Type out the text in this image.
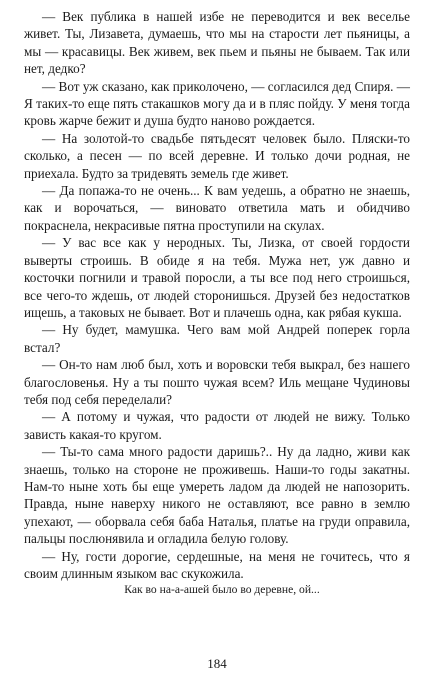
— Век публика в нашей избе не переводится и век веселье живет. Ты, Лизавета, думаешь, что мы на старости лет пьяницы, а мы — красавицы. Век живем, век пьем и пьяны не бываем. Так или нет, дедко?

— Вот уж сказано, как приколочено, — согласился дед Спиря. — Я таких-то еще пять стакашков могу да и в пляс пойду. У меня тогда кровь жарче бежит и душа будто наново рождается.

— На золотой-то свадьбе пятьдесят человек было. Пляски-то сколько, а песен — по всей деревне. И только дочи родная, не приехала. Будто за тридевять земель где живет.

— Да попажа-то не очень... К вам уедешь, а обратно не знаешь, как и ворочаться, — виновато ответила мать и обидчиво покраснела, некрасивые пятна проступили на скулах.

— У вас все как у неродных. Ты, Лизка, от своей гордости выверты строишь. В обиде я на тебя. Мужа нет, уж давно и косточки погнили и травой поросли, а ты все под него строишься, все чего-то ждешь, от людей сторонишься. Друзей без недостатков ищешь, а таковых не бывает. Вот и плачешь одна, как рябая кукша.

— Ну будет, мамушка. Чего вам мой Андрей поперек горла встал?

— Он-то нам люб был, хоть и воровски тебя выкрал, без нашего благословенья. Ну а ты пошто чужая всем? Иль мещане Чудиновы тебя под себя переделали?

— А потому и чужая, что радости от людей не вижу. Только зависть какая-то кругом.

— Ты-то сама много радости даришь?.. Ну да ладно, живи как знаешь, только на стороне не проживешь. Наши-то годы закатны. Нам-то ныне хоть бы еще умереть ладом да людей не напозорить. Правда, ныне наверху никого не оставляют, все равно в землю упехают, — оборвала себя баба Наталья, платье на груди оправила, пальцы послюнявила и огладила белую голову.

— Ну, гости дорогие, сердешные, на меня не гочитесь, что я своим длинным языком вас скукожила.

Как во на-а-ашей было во деревне, ой...
184
